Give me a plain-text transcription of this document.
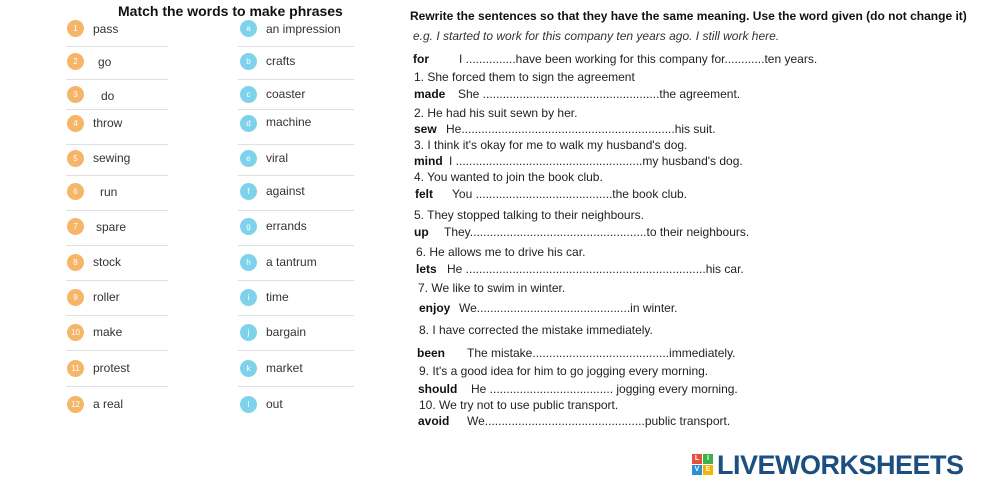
Match the words to make phrases
1	pass	a	an impression
2	go	b	crafts
3	do	c	coaster
4	throw	d	machine
5	sewing	e	viral
6	run	f	against
7	spare	g	errands
8	stock	h	a tantrum
9	roller	i	time
10	make	j	bargain
11	protest	k	market
12	a real	l	out
Rewrite the sentences so that they have the same meaning. Use the word given (do not change it)
e.g. I started to work for this company ten years ago. I still work here.
for	I ...............have been working for this company for............ten years.
1. She forced them to sign the agreement
made She .....................................................the agreement.
2. He had his suit sewn by her.
sew He................................................................his suit.
3. I think it's okay for me to walk my husband's dog.
mind I ........................................................my husband's dog.
4. You wanted to join the book club.
felt You .........................................the book club.
5. They stopped talking to their neighbours.
up They.....................................................to their neighbours.
6. He allows me to drive his car.
lets He ........................................................................his car.
7. We like to swim in winter.
enjoy We..............................................in winter.
8. I have corrected the mistake immediately.
been The mistake.........................................immediately.
9. It's a good idea for him to go jogging every morning.
should He ..................................... jogging every morning.
10. We try not to use public transport.
avoid We................................................public transport.
L	I
V E LIVEWORKSHEETS
